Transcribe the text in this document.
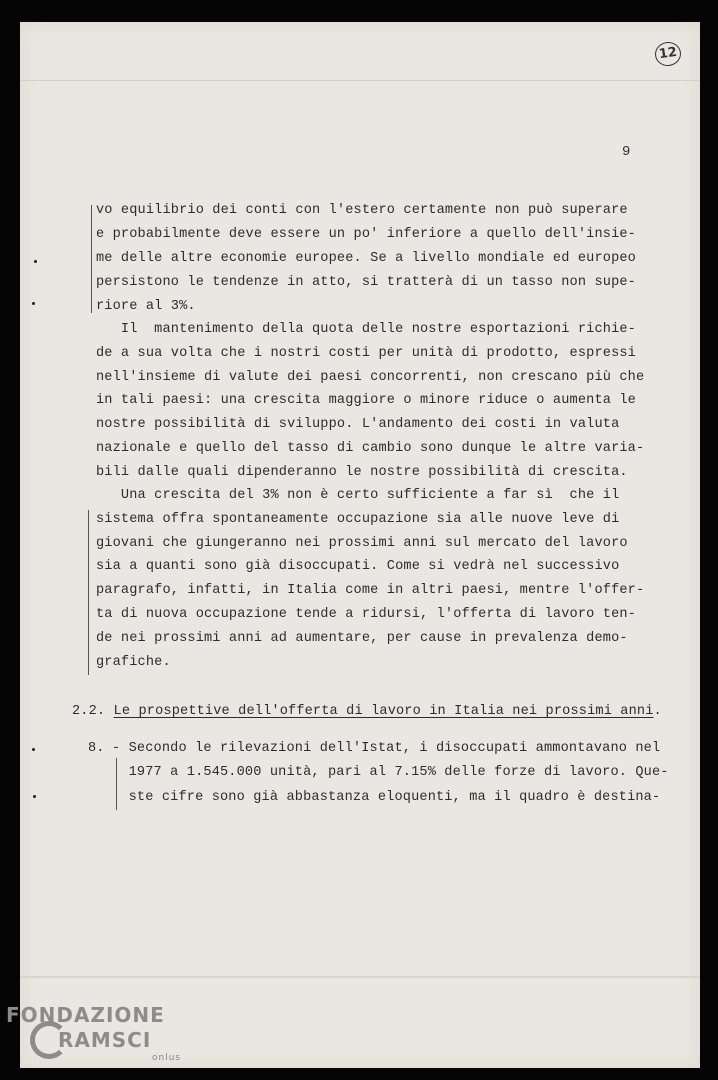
12
9
vo equilibrio dei conti con l'estero certamente non può superare
e probabilmente deve essere un po' inferiore a quello dell'insie-
me delle altre economie europee. Se a livello mondiale ed europeo
persistono le tendenze in atto, si tratterà di un tasso non supe-
riore al 3%.
Il  mantenimento della quota delle nostre esportazioni richie-
de a sua volta che i nostri costi per unità di prodotto, espressi
nell'insieme di valute dei paesi concorrenti, non crescano più che
in tali paesi: una crescita maggiore o minore riduce o aumenta le
nostre possibilità di sviluppo. L'andamento dei costi in valuta
nazionale e quello del tasso di cambio sono dunque le altre varia-
bili dalle quali dipenderanno le nostre possibilità di crescita.
Una crescita del 3% non è certo sufficiente a far sì  che il
sistema offra spontaneamente occupazione sia alle nuove leve di
giovani che giungeranno nei prossimi anni sul mercato del lavoro
sia a quanti sono già disoccupati. Come si vedrà nel successivo
paragrafo, infatti, in Italia come in altri paesi, mentre l'offer-
ta di nuova occupazione tende a ridursi, l'offerta di lavoro ten-
de nei prossimi anni ad aumentare, per cause in prevalenza demo-
grafiche.
2.2. Le prospettive dell'offerta di lavoro in Italia nei prossimi anni.
8. - Secondo le rilevazioni dell'Istat, i disoccupati ammontavano nel
1977 a 1.545.000 unità, pari al 7.15% delle forze di lavoro. Que-
ste cifre sono già abbastanza eloquenti, ma il quadro è destina-
FONDAZIONE
RAMSCI
onlus
